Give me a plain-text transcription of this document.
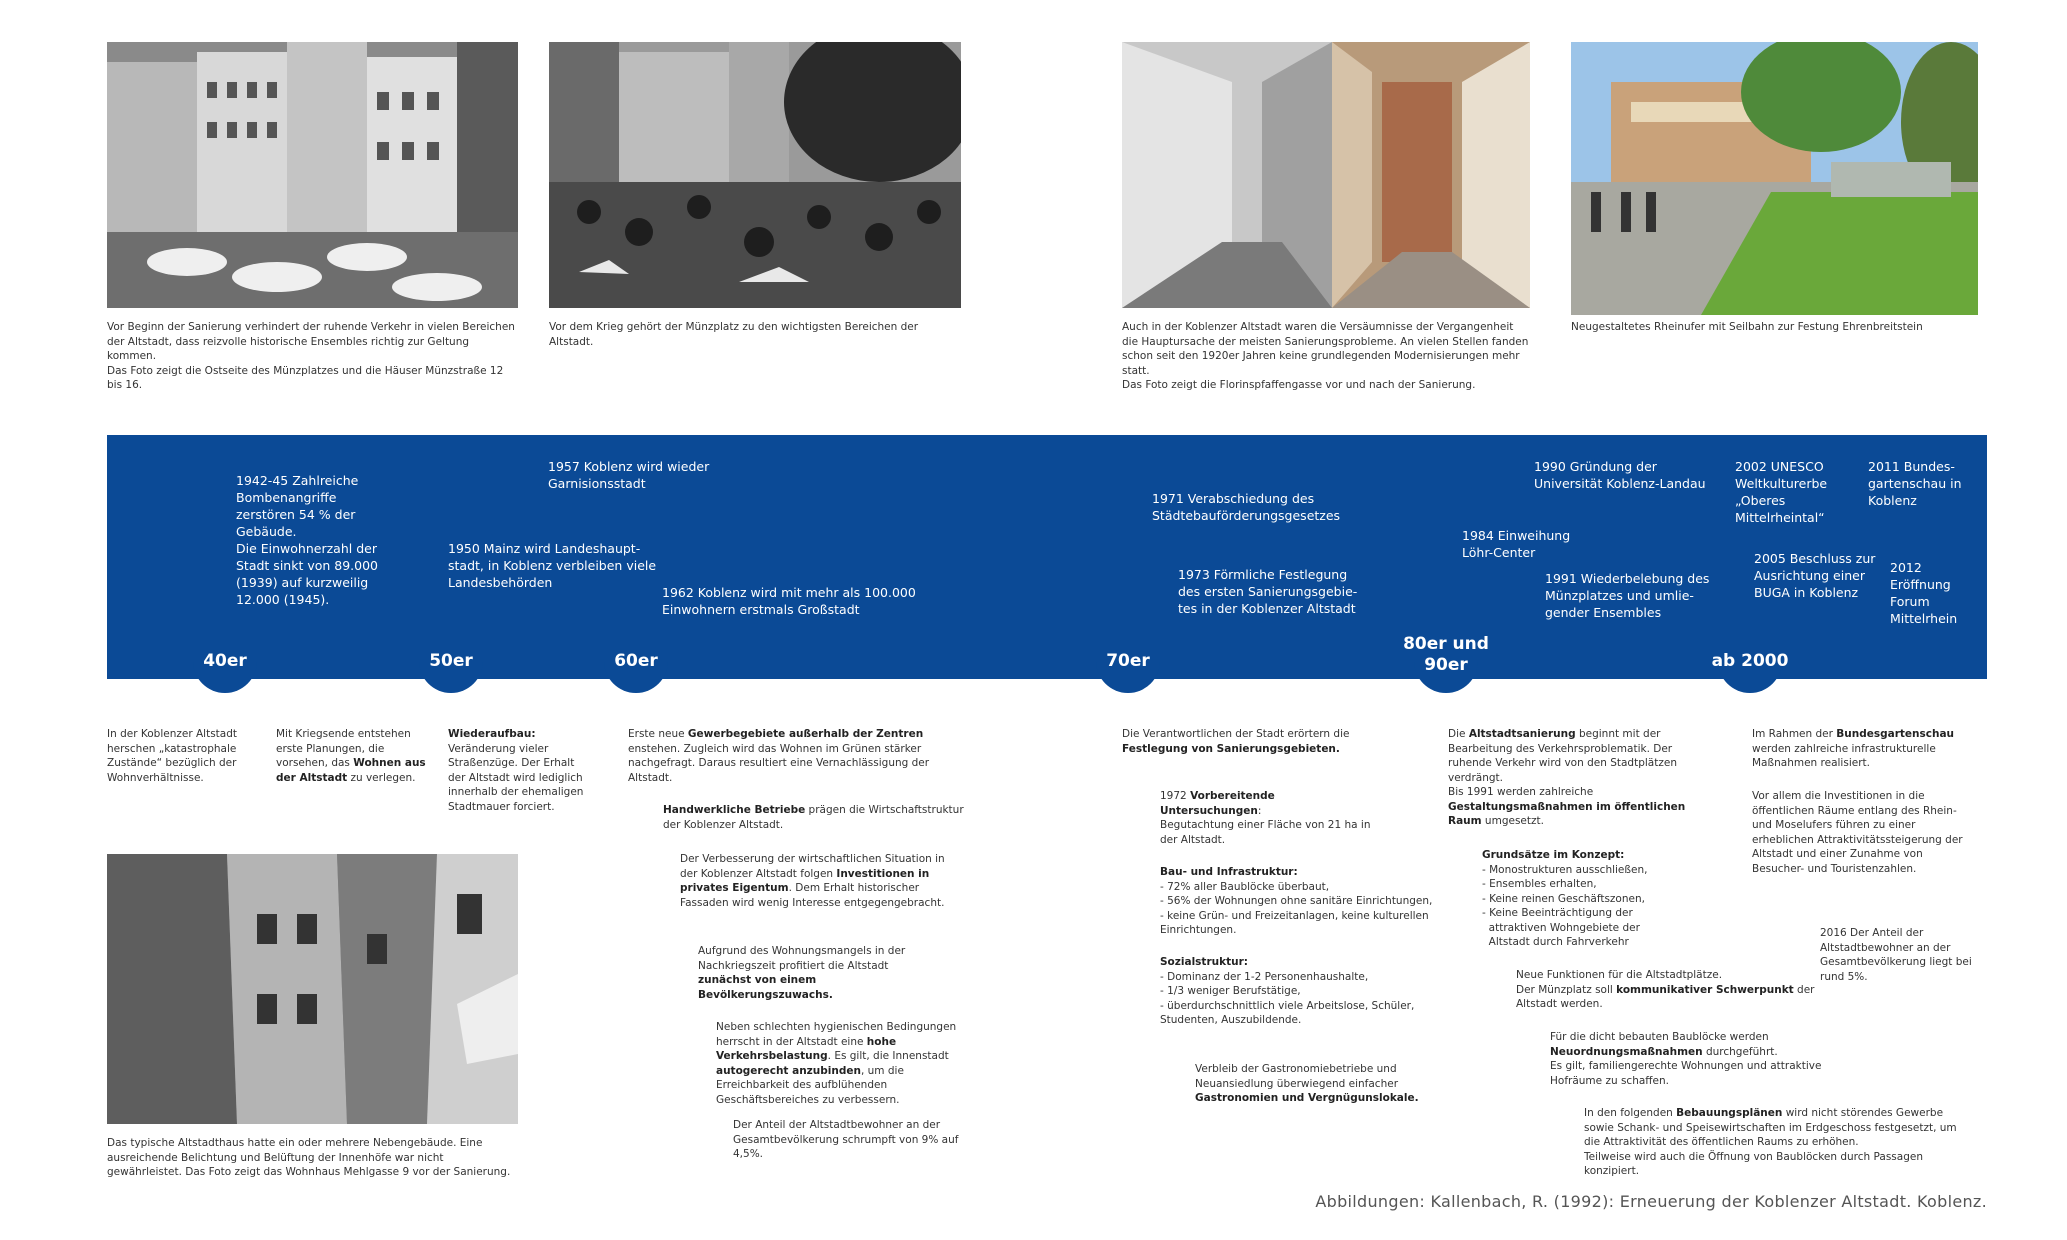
Vor Beginn der Sanierung verhindert der ruhende Verkehr in vielen Bereichen der Altstadt, dass reizvolle historische Ensembles richtig zur Geltung kommen.
Das Foto zeigt die Ostseite des Münzplatzes und die Häuser Münzstraße 12 bis 16.
Vor dem Krieg gehört der Münzplatz zu den wichtigsten Bereichen der Altstadt.
Auch in der Koblenzer Altstadt waren die Versäumnisse der Vergangenheit die Hauptursache der meisten Sanierungsprobleme. An vielen Stellen fanden schon seit den 1920er Jahren keine grundlegenden Modernisierungen mehr statt.
Das Foto zeigt die Florinspfaffengasse vor und nach der Sanierung.
Neugestaltetes Rheinufer mit Seilbahn zur Festung Ehrenbreitstein
Das typische Altstadthaus hatte ein oder mehrere Nebengebäude. Eine ausreichende Belichtung und Belüftung der Innenhöfe war nicht gewährleistet. Das Foto zeigt das Wohnhaus Mehlgasse 9 vor der Sanierung.
1942-45 Zahlreiche
Bombenangriffe
zerstören 54 % der
Gebäude.
Die Einwohnerzahl der
Stadt sinkt von 89.000
(1939) auf kurzweilig
12.000 (1945).
1950 Mainz wird Landeshaupt-
stadt, in Koblenz verbleiben viele
Landesbehörden
1957 Koblenz wird wieder
Garnisionsstadt
1962 Koblenz wird mit mehr als 100.000
Einwohnern erstmals Großstadt
1971 Verabschiedung des
Städtebauförderungsgesetzes
1973 Förmliche Festlegung
des ersten Sanierungsgebie-
tes in der Koblenzer Altstadt
1984 Einweihung
Löhr-Center
1990 Gründung der
Universität Koblenz-Landau
1991 Wiederbelebung des
Münzplatzes und umlie-
gender Ensembles
2002 UNESCO
Weltkulturerbe
„Oberes
Mittelrheintal“
2005 Beschluss zur
Ausrichtung einer
BUGA in Koblenz
2011 Bundes-
gartenschau in
Koblenz
2012
Eröffnung
Forum
Mittelrhein
40er	50er	60er	70er
80er und
90er	ab 2000
In der Koblenzer Altstadt herschen „katastrophale Zustände“ bezüglich der Wohnverhältnisse.
Mit Kriegsende entstehen erste Planungen, die vorsehen, das Wohnen aus der Altstadt zu verlegen.
Wiederaufbau:
Veränderung vieler Straßenzüge. Der Erhalt der Altstadt wird lediglich innerhalb der ehemaligen Stadtmauer forciert.
Erste neue Gewerbegebiete außerhalb der Zentren enstehen. Zugleich wird das Wohnen im Grünen stärker nachgefragt. Daraus resultiert eine Vernachlässigung der Altstadt.
Handwerkliche Betriebe prägen die Wirtschaftstruktur der Koblenzer Altstadt.
Der Verbesserung der wirtschaftlichen Situation in der Koblenzer Altstadt folgen Investitionen in privates Eigentum. Dem Erhalt historischer Fassaden wird wenig Interesse entgegengebracht.
Aufgrund des Wohnungsmangels in der Nachkriegszeit profitiert die Altstadt zunächst von einem Bevölkerungszuwachs.
Neben schlechten hygienischen Bedingungen herrscht in der Altstadt eine hohe Verkehrsbelastung. Es gilt, die Innenstadt autogerecht anzubinden, um die Erreichbarkeit des aufblühenden Geschäftsbereiches zu verbessern.
Der Anteil der Altstadtbewohner an der Gesamtbevölkerung schrumpft von 9% auf 4,5%.
Die Verantwortlichen der Stadt erörtern die Festlegung von Sanierungsgebieten.
1972 Vorbereitende Untersuchungen:
Begutachtung einer Fläche von 21 ha in der Altstadt.
Bau- und Infrastruktur:
- 72% aller Baublöcke überbaut,
- 56% der Wohnungen ohne sanitäre Einrichtungen,
- keine Grün- und Freizeitanlagen, keine kulturellen Einrichtungen.
Sozialstruktur:
- Dominanz der 1-2 Personenhaushalte,
- 1/3 weniger Berufstätige,
- überdurchschnittlich viele Arbeitslose, Schüler, Studenten, Auszubildende.
Verbleib der Gastronomiebetriebe und Neuansiedlung überwiegend einfacher Gastronomien und Vergnügunslokale.
Die Altstadtsanierung beginnt mit der Bearbeitung des Verkehrsproblematik. Der ruhende Verkehr wird von den Stadtplätzen verdrängt.
Bis 1991 werden zahlreiche Gestaltungsmaßnahmen im öffentlichen Raum umgesetzt.
Grundsätze im Konzept:
- Monostrukturen ausschließen,
- Ensembles erhalten,
- Keine reinen Geschäftszonen,
- Keine Beeinträchtigung der
attraktiven Wohngebiete der
Altstadt durch Fahrverkehr
Neue Funktionen für die Altstadtplätze.
Der Münzplatz soll kommunikativer Schwerpunkt der Altstadt werden.
Für die dicht bebauten Baublöcke werden Neuordnungsmaßnahmen durchgeführt.
Es gilt, familiengerechte Wohnungen und attraktive Hofräume zu schaffen.
In den folgenden Bebauungsplänen wird nicht störendes Gewerbe sowie Schank- und Speisewirtschaften im Erdgeschoss festgesetzt, um die Attraktivität des öffentlichen Raums zu erhöhen.
Teilweise wird auch die Öffnung von Baublöcken durch Passagen konzipiert.
Im Rahmen der Bundesgartenschau werden zahlreiche infrastrukturelle Maßnahmen realisiert.
Vor allem die Investitionen in die öffentlichen Räume entlang des Rhein- und Moselufers führen zu einer erheblichen Attraktivitätssteigerung der Altstadt und einer Zunahme von Besucher- und Touristenzahlen.
2016 Der Anteil der Altstadtbewohner an der Gesamtbevölkerung liegt bei rund 5%.
Abbildungen: Kallenbach, R. (1992): Erneuerung der Koblenzer Altstadt. Koblenz.
